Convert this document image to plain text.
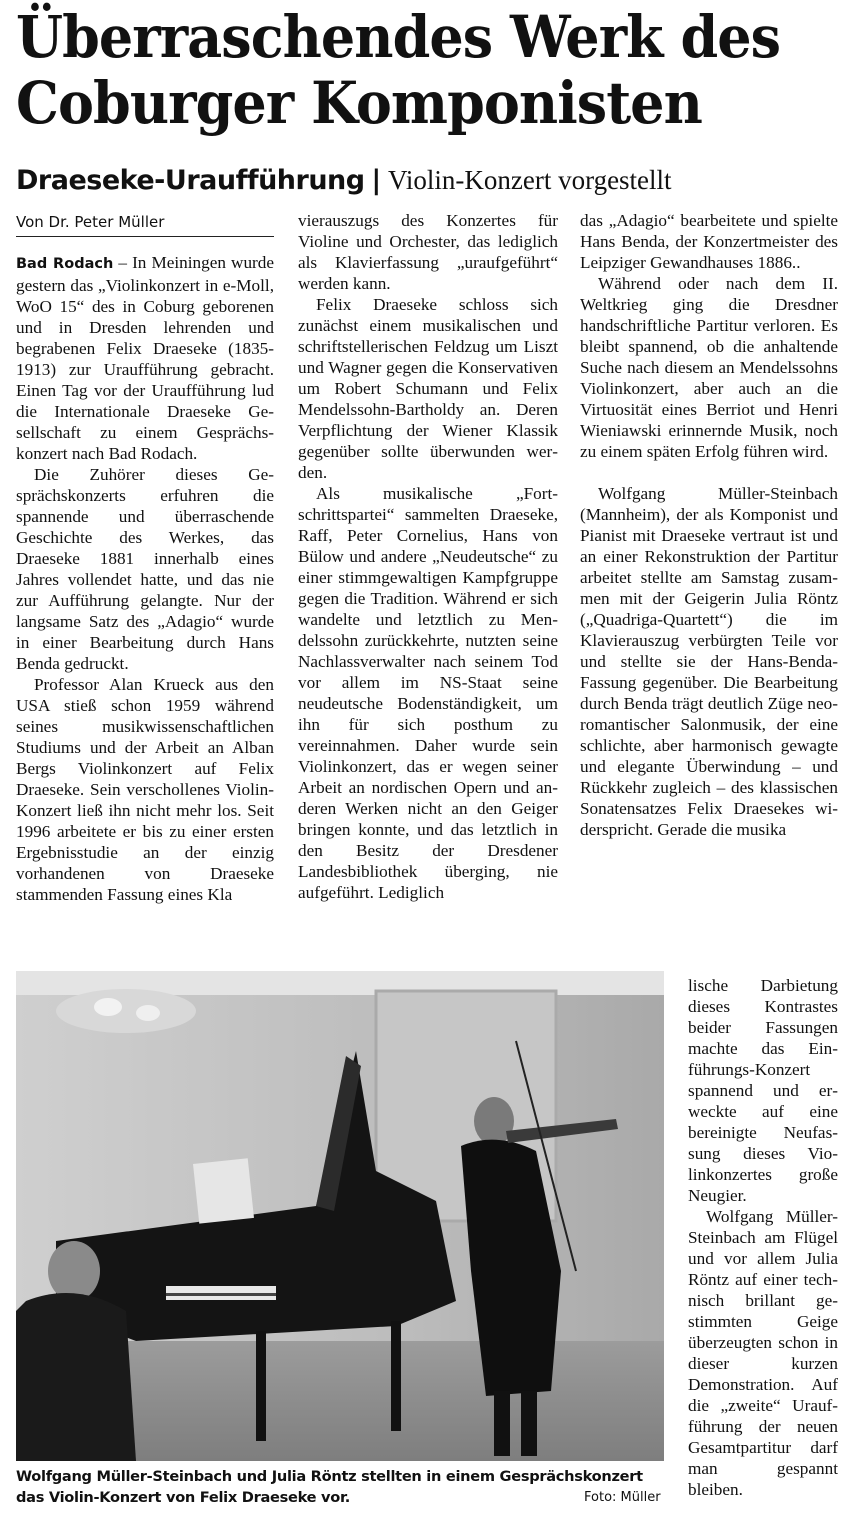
Überraschendes Werk des
Coburger Komponisten
Draeseke-Uraufführung | Violin-Konzert vorgestellt
Von Dr. Peter Müller

Bad Rodach – In Meiningen wurde gestern das „Violinkonzert in e-Moll, WoO 15“ des in Coburg geborenen und in Dresden lehrenden und begrabenen Felix Draeseke (1835-1913) zur Uraufführung gebracht. Einen Tag vor der Uraufführung lud die Internationale Draeseke Gesellschaft zu einem Gesprächskonzert nach Bad Rodach.

Die Zuhörer dieses Gesprächskonzerts erfuhren die spannende und überraschende Geschichte des Werkes, das Draeseke 1881 innerhalb eines Jahres vollendet hatte, und das nie zur Aufführung gelangte. Nur der langsame Satz des „Adagio“ wurde in einer Bearbeitung durch Hans Benda gedruckt.

Professor Alan Krueck aus den USA stieß schon 1959 während seines musikwissenschaftlichen Studiums und der Arbeit an Alban Bergs Violinkonzert auf Felix Draeseke. Sein verschollenes Violin-Konzert ließ ihn nicht mehr los. Seit 1996 arbeitete er bis zu einer ersten Ergebnisstudie an der einzig vorhandenen von Draeseke stammenden Fassung eines Kla

vierauszugs des Konzertes für Violine und Orchester, das lediglich als Klavierfassung „uraufgeführt“ werden kann.

Felix Draeseke schloss sich zunächst einem musikalischen und schriftstellerischen Feldzug um Liszt und Wagner gegen die Konservativen um Robert Schumann und Felix Mendelssohn-Bartholdy an. Deren Verpflichtung der Wiener Klassik gegenüber sollte überwunden werden.

Als musikalische „Fortschrittspartei“ sammelten Draeseke, Raff, Peter Cornelius, Hans von Bülow und andere „Neudeutsche“ zu einer stimmgewaltigen Kampfgruppe gegen die Tradition. Während er sich wandelte und letztlich zu Mendelssohn zurückkehrte, nutzten seine Nachlassverwalter nach seinem Tod vor allem im NS-Staat seine neudeutsche Bodenständigkeit, um ihn für sich posthum zu vereinnahmen. Daher wurde sein Violinkonzert, das er wegen seiner Arbeit an nordischen Opern und anderen Werken nicht an den Geiger bringen konnte, und das letztlich in den Besitz der Dresdener Landesbibliothek überging, nie aufgeführt. Lediglich

das „Adagio“ bearbeitete und spielte Hans Benda, der Konzertmeister des Leipziger Gewandhauses 1886..

Während oder nach dem II. Weltkrieg ging die Dresdner handschriftliche Partitur verloren. Es bleibt spannend, ob die anhaltende Suche nach diesem an Mendelssohns Violinkonzert, aber auch an die Virtuosität eines Berriot und Henri Wieniawski erinnernde Musik, noch zu einem späten Erfolg führen wird.

Wolfgang Müller-Steinbach (Mannheim), der als Komponist und Pianist mit Draeseke vertraut ist und an einer Rekonstruktion der Partitur arbeitet stellte am Samstag zusammen mit der Geigerin Julia Röntz („Quadriga-Quartett“) die im Klavierauszug verbürgten Teile vor und stellte sie der Hans-Benda-Fassung gegenüber. Die Bearbeitung durch Benda trägt deutlich Züge neoromantischer Salonmusik, der eine schlichte, aber harmonisch gewagte und elegante Überwindung – und Rückkehr zugleich – des klassischen Sonatensatzes Felix Draesekes widerspricht. Gerade die musika

lische Darbietung dieses Kontrastes beider Fassungen machte das Einführungs-Konzert spannend und erweckte auf eine bereinigte Neufassung dieses Violinkonzertes große Neugier.

Wolfgang Müller-Steinbach am Flügel und vor allem Julia Röntz auf einer technisch brillant gestimmten Geige überzeugten schon in dieser kurzen Demonstration. Auf die „zweite“ Uraufführung der neuen Gesamtpartitur darf man gespannt bleiben.

Wolfgang Müller-Steinbach und Julia Röntz stellten in einem Gesprächskonzert
das Violin-Konzert von Felix Draeseke vor.	Foto: Müller
